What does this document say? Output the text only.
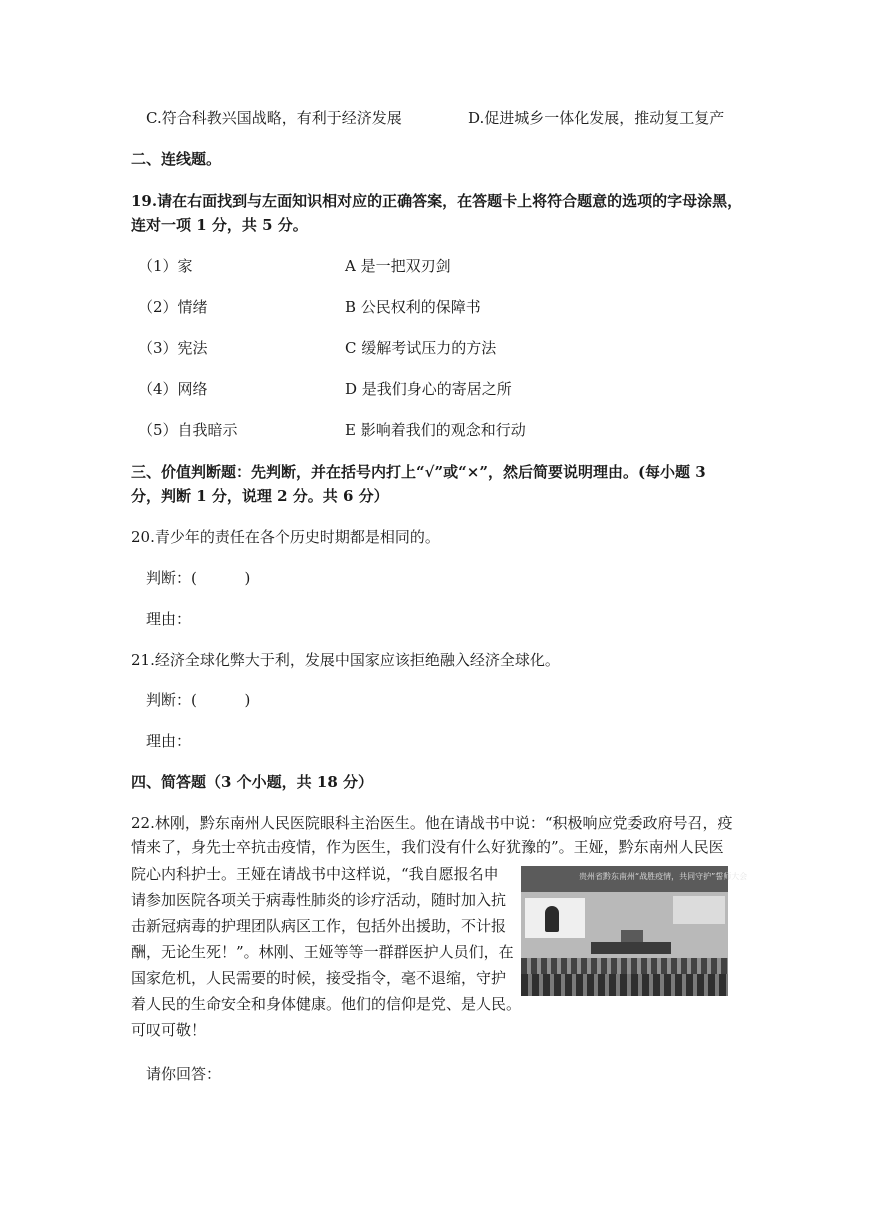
C.符合科教兴国战略，有利于经济发展	D.促进城乡一体化发展，推动复工复产
二、连线题。
19.请在右面找到与左面知识相对应的正确答案，在答题卡上将符合题意的选项的字母涂黑，
连对一项 1 分，共 5 分。
（1）家	A 是一把双刃剑
（2）情绪	B 公民权利的保障书
（3）宪法	C 缓解考试压力的方法
（4）网络	D 是我们身心的寄居之所
（5）自我暗示	E 影响着我们的观念和行动
三、价值判断题：先判断，并在括号内打上“√”或“×”，然后简要说明理由。(每小题 3
分，判断 1 分，说理 2 分。共 6 分）
20.青少年的责任在各个历史时期都是相同的。
判断：(          )
理由：
21.经济全球化弊大于利，发展中国家应该拒绝融入经济全球化。
判断：(          )
理由：
四、简答题（3 个小题，共 18 分）
22.林刚，黔东南州人民医院眼科主治医生。他在请战书中说：“积极响应党委政府号召，疫
情来了，身先士卒抗击疫情，作为医生，我们没有什么好犹豫的”。王娅，黔东南州人民医
院心内科护士。王娅在请战书中这样说，“我自愿报名申
请参加医院各项关于病毒性肺炎的诊疗活动，随时加入抗
击新冠病毒的护理团队病区工作，包括外出援助，不计报
酬，无论生死！”。林刚、王娅等等一群群医护人员们，在
国家危机，人民需要的时候，接受指令，毫不退缩，守护
着人民的生命安全和身体健康。他们的信仰是党、是人民。
可叹可敬！
贵州省黔东南州“战胜疫情，共同守护”誓师大会
请你回答：
